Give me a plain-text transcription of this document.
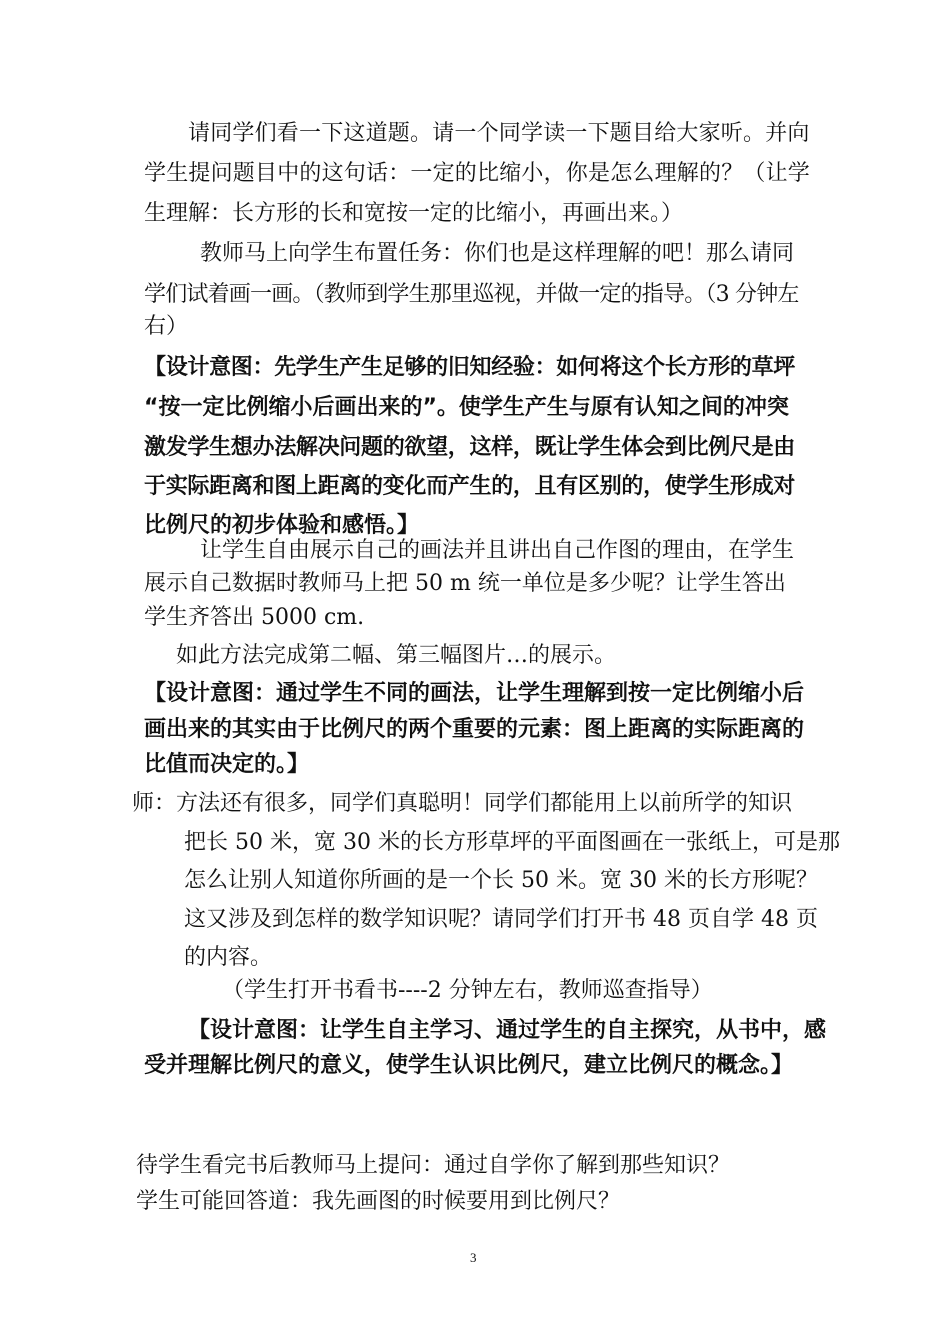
请同学们看一下这道题。请一个同学读一下题目给大家听。并向
学生提问题目中的这句话：一定的比缩小，你是怎么理解的？（让学
生理解：长方形的长和宽按一定的比缩小，再画出来。）
教师马上向学生布置任务：你们也是这样理解的吧！那么请同
学们试着画一画。（教师到学生那里巡视，并做一定的指导。（3 分钟左
右）
【设计意图：先学生产生足够的旧知经验：如何将这个长方形的草坪
“按一定比例缩小后画出来的”。使学生产生与原有认知之间的冲突
激发学生想办法解决问题的欲望，这样，既让学生体会到比例尺是由
于实际距离和图上距离的变化而产生的，且有区别的，使学生形成对
比例尺的初步体验和感悟。】
让学生自由展示自己的画法并且讲出自己作图的理由，在学生
展示自己数据时教师马上把 50 m 统一单位是多少呢？让学生答出
学生齐答出 5000 cm.
如此方法完成第二幅、第三幅图片…的展示。
【设计意图：通过学生不同的画法，让学生理解到按一定比例缩小后
画出来的其实由于比例尺的两个重要的元素：图上距离的实际距离的
比值而决定的。】
师：方法还有很多，同学们真聪明！同学们都能用上以前所学的知识
把长 50 米，宽 30 米的长方形草坪的平面图画在一张纸上，可是那
怎么让别人知道你所画的是一个长 50 米。宽 30 米的长方形呢？
这又涉及到怎样的数学知识呢？请同学们打开书 48 页自学 48 页
的内容。
（学生打开书看书----2 分钟左右，教师巡查指导）
【设计意图：让学生自主学习、通过学生的自主探究，从书中，感
受并理解比例尺的意义，使学生认识比例尺，建立比例尺的概念。】
待学生看完书后教师马上提问：通过自学你了解到那些知识？
学生可能回答道：我先画图的时候要用到比例尺？
3
